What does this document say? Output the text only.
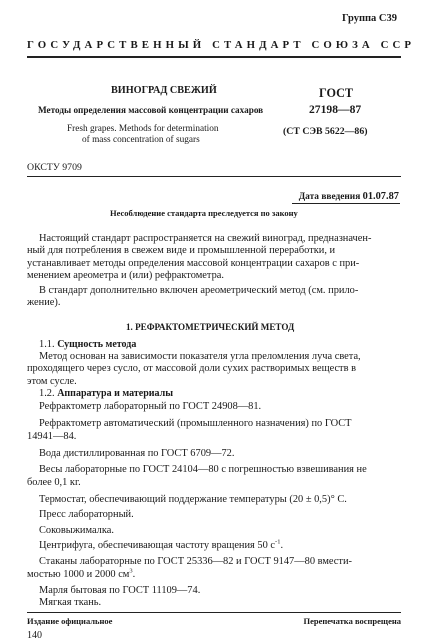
Группа С39
ГОСУДАРСТВЕННЫЙ СТАНДАРТ СОЮЗА ССР
ВИНОГРАД СВЕЖИЙ
Методы определения массовой концентрации сахаров
Fresh grapes. Methods for determination
of mass concentration of sugars
ГОСТ
27198—87
(СТ СЭВ 5622—86)
ОКСТУ 9709
Дата введения 01.07.87
Несоблюдение стандарта преследуется по закону
Настоящий стандарт распространяется на свежий виноград, предназначен-
ный для потребления в свежем виде и промышленной переработки, и
устанавливает методы определения массовой концентрации сахаров с при-
менением ареометра и (или) рефрактометра.
В стандарт дополнительно включен ареометрический метод (см. прило-
жение).
1. РЕФРАКТОМЕТРИЧЕСКИЙ МЕТОД
1.1. Сущность метода
Метод основан на зависимости показателя угла преломления луча света,
проходящего через сусло, от массовой доли сухих растворимых веществ в
этом сусле.
1.2. Аппаратура и материалы
Рефрактометр лабораторный по ГОСТ 24908—81.
Рефрактометр автоматический (промышленного назначения) по ГОСТ
14941—84.
Вода дистиллированная по ГОСТ 6709—72.
Весы лабораторные по ГОСТ 24104—80 с погрешностью взвешивания не
более 0,1 кг.
Термостат, обеспечивающий поддержание температуры (20 ± 0,5)° С.
Пресс лабораторный.
Соковыжималка.
Центрифуга, обеспечивающая частоту вращения 50 $с^{-1}$.
Стаканы лабораторные по ГОСТ 25336—82 и ГОСТ 9147—80 вмести-
мостью 1000 и 2000 $см^3$.
Марля бытовая по ГОСТ 11109—74.
Мягкая ткань.
Издание официальное	Перепечатка воспрещена
140
